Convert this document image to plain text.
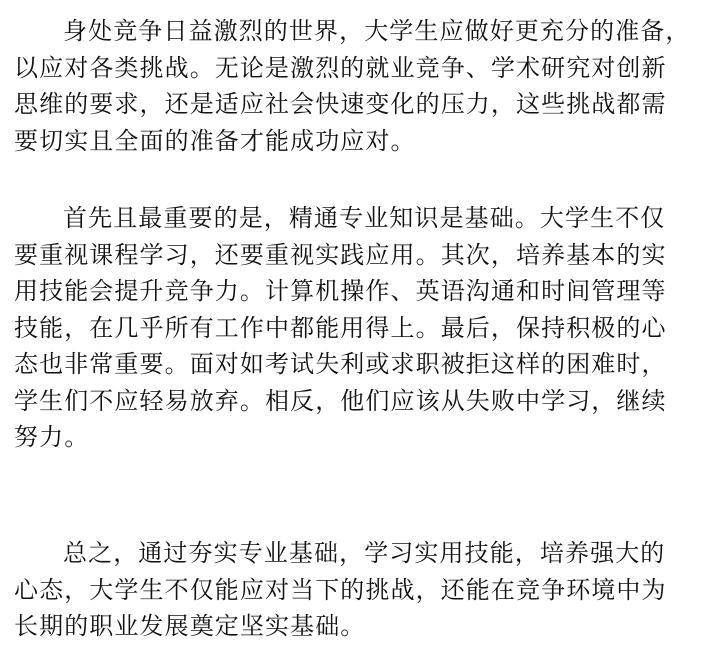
身处竞争日益激烈的世界，大学生应做好更充分的准备，
以应对各类挑战。无论是激烈的就业竞争、学术研究对创新
思维的要求，还是适应社会快速变化的压力，这些挑战都需
要切实且全面的准备才能成功应对。
首先且最重要的是，精通专业知识是基础。大学生不仅
要重视课程学习，还要重视实践应用。其次，培养基本的实
用技能会提升竞争力。计算机操作、英语沟通和时间管理等
技能，在几乎所有工作中都能用得上。最后，保持积极的心
态也非常重要。面对如考试失利或求职被拒这样的困难时，
学生们不应轻易放弃。相反，他们应该从失败中学习，继续
努力。
总之，通过夯实专业基础，学习实用技能，培养强大的
心态，大学生不仅能应对当下的挑战，还能在竞争环境中为
长期的职业发展奠定坚实基础。
